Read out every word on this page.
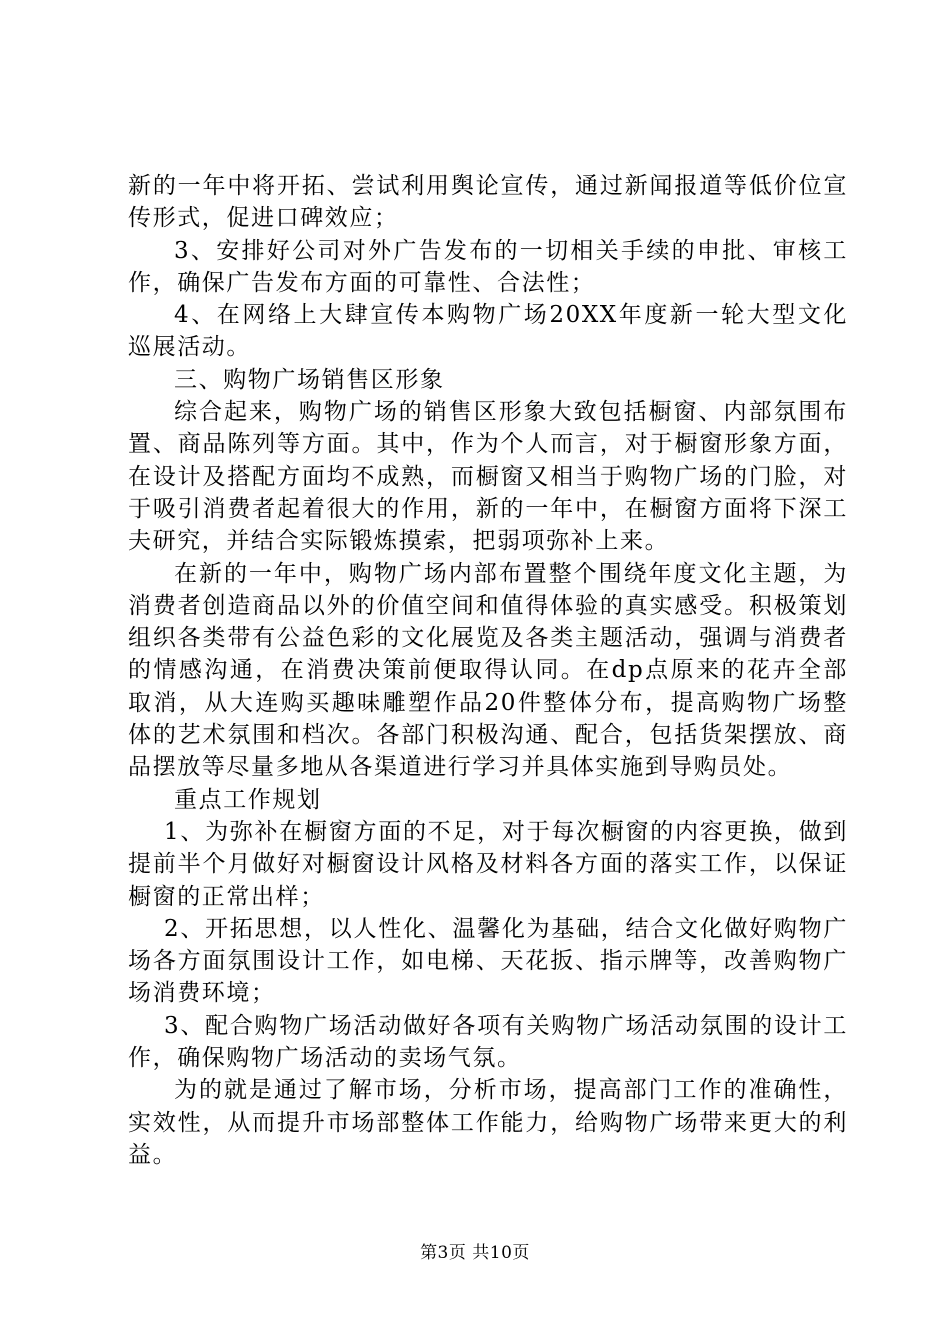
新的一年中将开拓、尝试利用舆论宣传，通过新闻报道等低价位宣传形式，促进口碑效应；

3、安排好公司对外广告发布的一切相关手续的申批、审核工作，确保广告发布方面的可靠性、合法性；

4、在网络上大肆宣传本购物广场20XX年度新一轮大型文化巡展活动。

三、购物广场销售区形象

综合起来，购物广场的销售区形象大致包括橱窗、内部氛围布置、商品陈列等方面。其中，作为个人而言，对于橱窗形象方面，在设计及搭配方面均不成熟，而橱窗又相当于购物广场的门脸，对于吸引消费者起着很大的作用，新的一年中，在橱窗方面将下深工夫研究，并结合实际锻炼摸索，把弱项弥补上来。

在新的一年中，购物广场内部布置整个围绕年度文化主题，为消费者创造商品以外的价值空间和值得体验的真实感受。积极策划组织各类带有公益色彩的文化展览及各类主题活动，强调与消费者的情感沟通，在消费决策前便取得认同。在dp点原来的花卉全部取消，从大连购买趣味雕塑作品20件整体分布，提高购物广场整体的艺术氛围和档次。各部门积极沟通、配合，包括货架摆放、商品摆放等尽量多地从各渠道进行学习并具体实施到导购员处。

重点工作规划

1、为弥补在橱窗方面的不足，对于每次橱窗的内容更换，做到提前半个月做好对橱窗设计风格及材料各方面的落实工作，以保证橱窗的正常出样；

2、开拓思想，以人性化、温馨化为基础，结合文化做好购物广场各方面氛围设计工作，如电梯、天花扳、指示牌等，改善购物广场消费环境；

3、配合购物广场活动做好各项有关购物广场活动氛围的设计工作，确保购物广场活动的卖场气氛。

为的就是通过了解市场，分析市场，提高部门工作的准确性，实效性，从而提升市场部整体工作能力，给购物广场带来更大的利益。

第3页 共10页
